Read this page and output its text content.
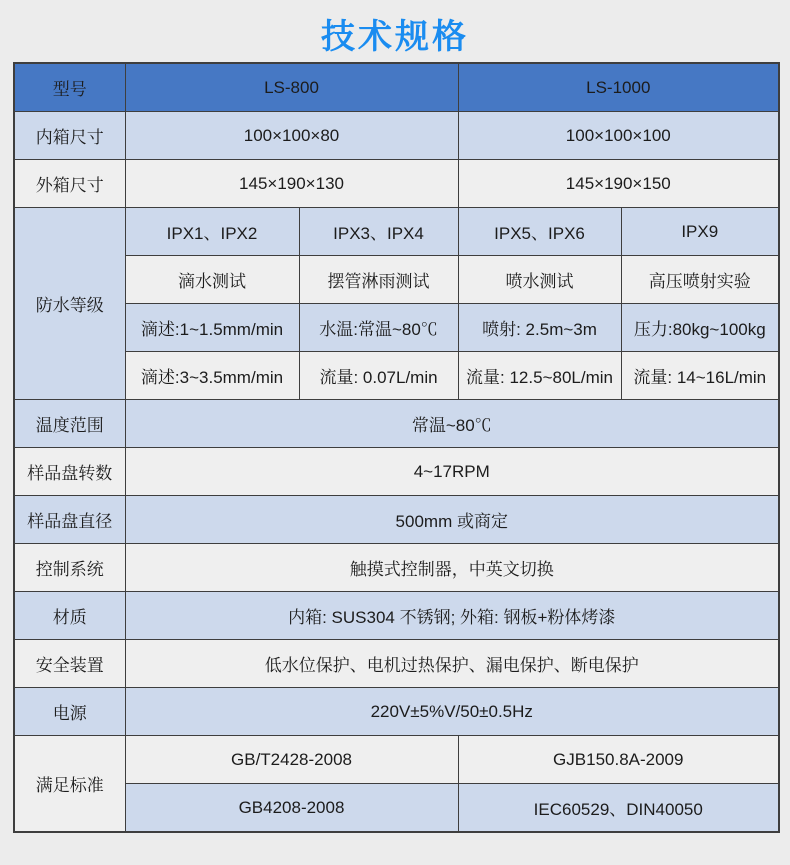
技术规格
型号	LS-800		LS-1000	
内箱尺寸	100×100×80		100×100×100	
外箱尺寸	145×190×130		145×190×150	
防水等级	IPX1、IPX2	IPX3、IPX4	IPX5、IPX6	IPX9
	滴水测试	摆管淋雨测试	喷水测试	高压喷射实验
	滴述:1~1.5mm/min	水温:常温~80℃	喷射: 2.5m~3m	压力:80kg~100kg
	滴述:3~3.5mm/min	流量: 0.07L/min	流量: 12.5~80L/min	流量: 14~16L/min
温度范围	常温~80℃			
样品盘转数	4~17RPM			
样品盘直径	500mm 或商定			
控制系统	触摸式控制器，中英文切换			
材质	内箱: SUS304 不锈钢; 外箱: 钢板+粉体烤漆			
安全装置	低水位保护、电机过热保护、漏电保护、断电保护			
电源	220V±5%V/50±0.5Hz			
满足标准	GB/T2428-2008		GJB150.8A-2009	
	GB4208-2008		IEC60529、DIN40050	
